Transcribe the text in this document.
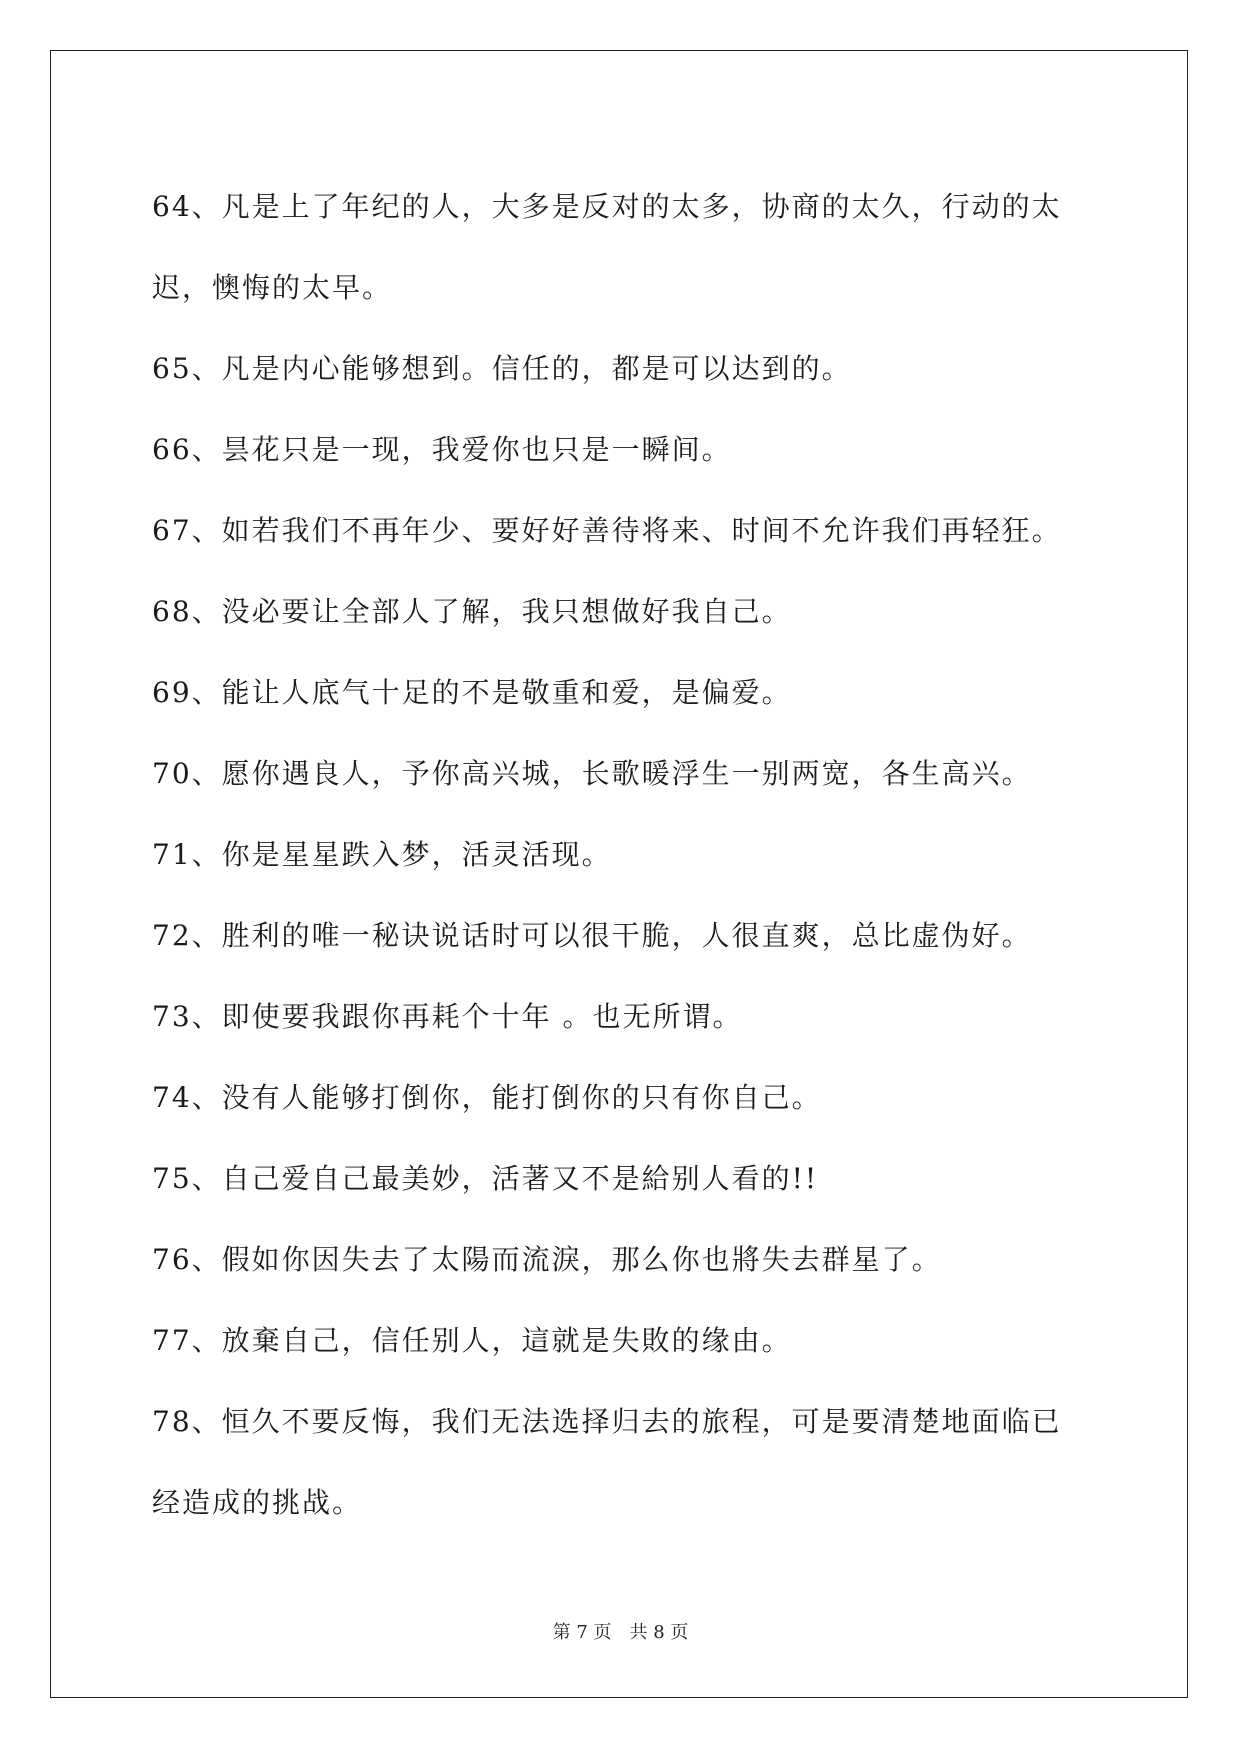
64、凡是上了年纪的人，大多是反对的太多，协商的太久，行动的太
迟，懊悔的太早。
65、凡是内心能够想到。信任的，都是可以达到的。
66、昙花只是一现，我爱你也只是一瞬间。
67、如若我们不再年少、要好好善待将来、时间不允许我们再轻狂。
68、没必要让全部人了解，我只想做好我自己。
69、能让人底气十足的不是敬重和爱，是偏爱。
70、愿你遇良人，予你高兴城，长歌暖浮生一别两宽，各生高兴。
71、你是星星跌入梦，活灵活现。
72、胜利的唯一秘诀说话时可以很干脆，人很直爽，总比虚伪好。
73、即使要我跟你再耗个十年 。也无所谓。
74、没有人能够打倒你，能打倒你的只有你自己。
75、自己爱自己最美妙，活著又不是給别人看的!!
76、假如你因失去了太陽而流淚，那么你也將失去群星了。
77、放棄自己，信任别人，這就是失敗的缘由。
78、恒久不要反悔，我们无法选择归去的旅程，可是要清楚地面临已
经造成的挑战。
第 7 页　共 8 页
